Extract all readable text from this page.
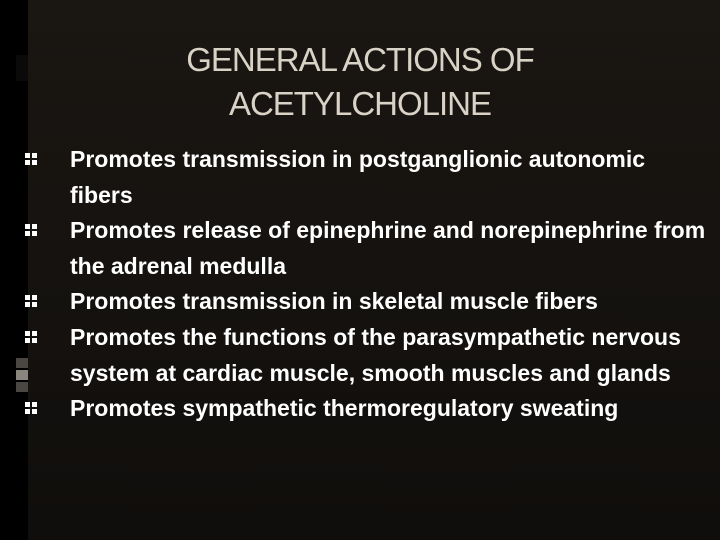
GENERAL ACTIONS OF
ACETYLCHOLINE
Promotes transmission in postganglionic autonomic fibers
Promotes release of epinephrine and norepinephrine from the adrenal medulla
Promotes transmission in skeletal muscle fibers
Promotes the functions of the parasympathetic nervous system at cardiac muscle, smooth muscles and glands
Promotes sympathetic thermoregulatory sweating
